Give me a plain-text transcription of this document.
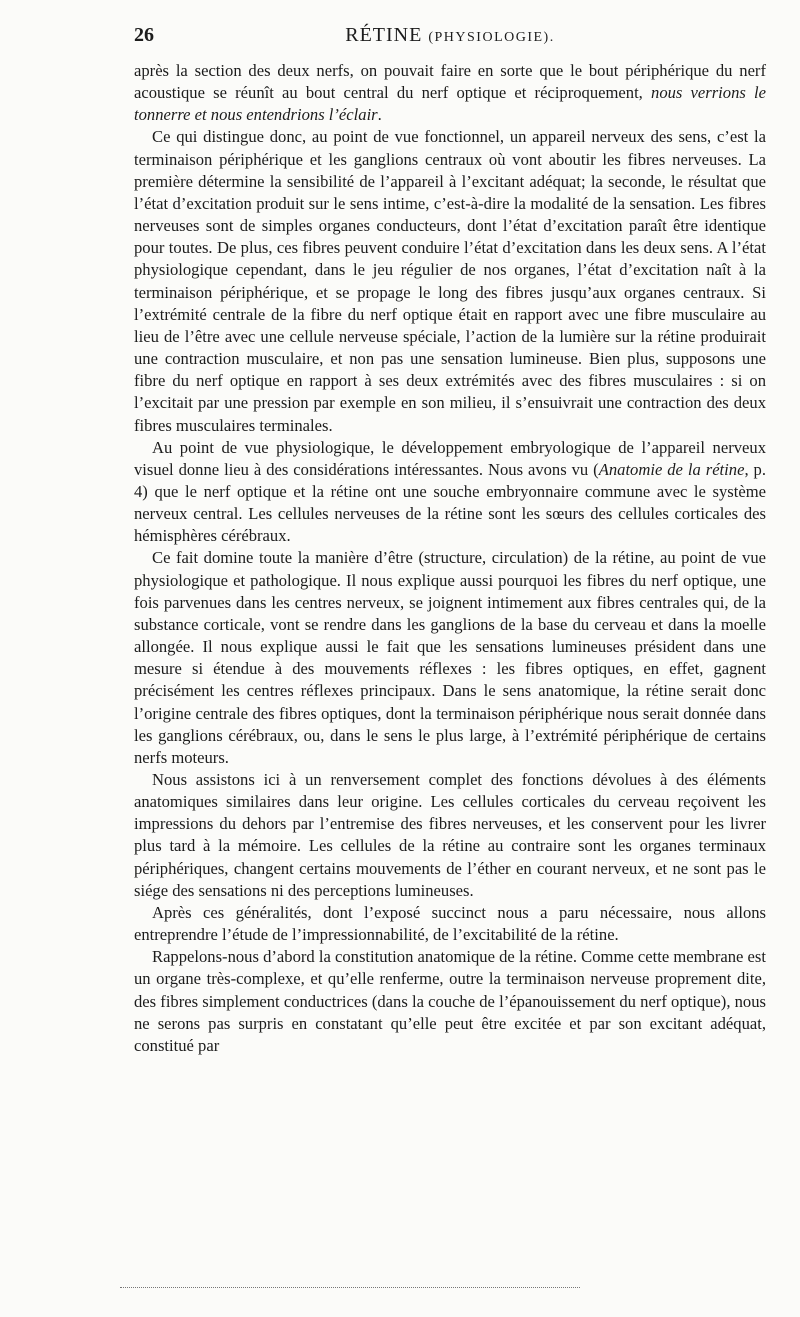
26	RÉTINE (PHYSIOLOGIE).

après la section des deux nerfs, on pouvait faire en sorte que le bout périphérique du nerf acoustique se réunît au bout central du nerf optique et réciproquement, nous verrions le tonnerre et nous entendrions l’éclair.

Ce qui distingue donc, au point de vue fonctionnel, un appareil nerveux des sens, c’est la terminaison périphérique et les ganglions centraux où vont aboutir les fibres nerveuses. La première détermine la sensibilité de l’appareil à l’excitant adéquat; la seconde, le résultat que l’état d’excitation produit sur le sens intime, c’est-à-dire la modalité de la sensation. Les fibres nerveuses sont de simples organes conducteurs, dont l’état d’excitation paraît être identique pour toutes. De plus, ces fibres peuvent conduire l’état d’excitation dans les deux sens. A l’état physiologique cependant, dans le jeu régulier de nos organes, l’état d’excitation naît à la terminaison périphérique, et se propage le long des fibres jusqu’aux organes centraux. Si l’extrémité centrale de la fibre du nerf optique était en rapport avec une fibre musculaire au lieu de l’être avec une cellule nerveuse spéciale, l’action de la lumière sur la rétine produirait une contraction musculaire, et non pas une sensation lumineuse. Bien plus, supposons une fibre du nerf optique en rapport à ses deux extrémités avec des fibres musculaires : si on l’excitait par une pression par exemple en son milieu, il s’ensuivrait une contraction des deux fibres musculaires terminales.

Au point de vue physiologique, le développement embryologique de l’appareil nerveux visuel donne lieu à des considérations intéressantes. Nous avons vu (Anatomie de la rétine, p. 4) que le nerf optique et la rétine ont une souche embryonnaire commune avec le système nerveux central. Les cellules nerveuses de la rétine sont les sœurs des cellules corticales des hémisphères cérébraux.

Ce fait domine toute la manière d’être (structure, circulation) de la rétine, au point de vue physiologique et pathologique. Il nous explique aussi pourquoi les fibres du nerf optique, une fois parvenues dans les centres nerveux, se joignent intimement aux fibres centrales qui, de la substance corticale, vont se rendre dans les ganglions de la base du cerveau et dans la moelle allongée. Il nous explique aussi le fait que les sensations lumineuses président dans une mesure si étendue à des mouvements réflexes : les fibres optiques, en effet, gagnent précisément les centres réflexes principaux. Dans le sens anatomique, la rétine serait donc l’origine centrale des fibres optiques, dont la terminaison périphérique nous serait donnée dans les ganglions cérébraux, ou, dans le sens le plus large, à l’extrémité périphérique de certains nerfs moteurs.

Nous assistons ici à un renversement complet des fonctions dévolues à des éléments anatomiques similaires dans leur origine. Les cellules corticales du cerveau reçoivent les impressions du dehors par l’entremise des fibres nerveuses, et les conservent pour les livrer plus tard à la mémoire. Les cellules de la rétine au contraire sont les organes terminaux périphériques, changent certains mouvements de l’éther en courant nerveux, et ne sont pas le siége des sensations ni des perceptions lumineuses.

Après ces généralités, dont l’exposé succinct nous a paru nécessaire, nous allons entreprendre l’étude de l’impressionnabilité, de l’excitabilité de la rétine.

Rappelons-nous d’abord la constitution anatomique de la rétine. Comme cette membrane est un organe très-complexe, et qu’elle renferme, outre la terminaison nerveuse proprement dite, des fibres simplement conductrices (dans la couche de l’épanouissement du nerf optique), nous ne serons pas surpris en constatant qu’elle peut être excitée et par son excitant adéquat, constitué par
